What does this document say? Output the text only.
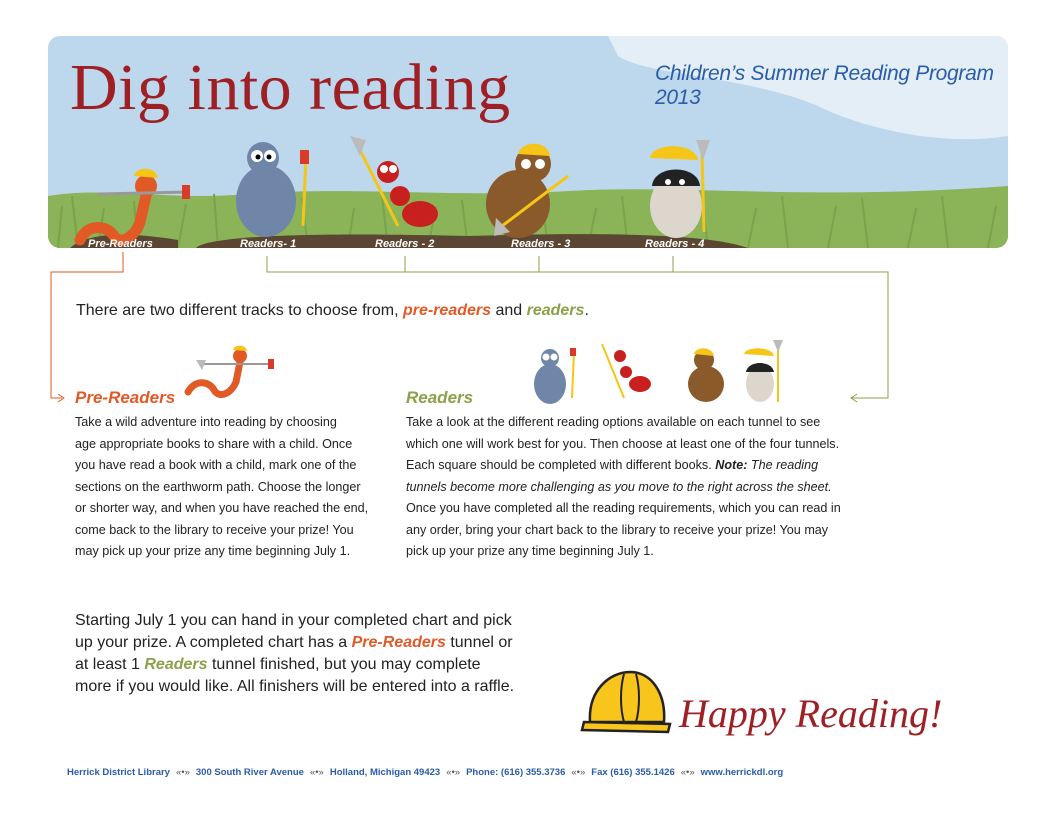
Dig into reading	Children’s Summer Reading Program 2013
Pre-Readers	Readers- 1	Readers - 2	Readers - 3	Readers - 4
There are two different tracks to choose from, pre-readers and readers.
Pre-Readers

Take a wild adventure into reading by choosing

age appropriate books to share with a child. Once

you have read a book with a child, mark one of the

sections on the earthworm path. Choose the longer

or shorter way, and when you have reached the end,

come back to the library to receive your prize! You

may pick up your prize any time beginning July 1.

Readers

Take a look at the different reading options available on each tunnel to see

which one will work best for you. Then choose at least one of the four tunnels.

Each square should be completed with different books. Note: The reading

tunnels become more challenging as you move to the right across the sheet.

Once you have completed all the reading requirements, which you can read in

any order, bring your chart back to the library to receive your prize! You may

pick up your prize any time beginning July 1.

Starting July 1 you can hand in your completed chart and pick up your prize. A completed chart has a Pre-Readers tunnel or at least 1 Readers tunnel finished, but you may complete more if you would like. All finishers will be entered into a raffle.
Happy Reading!
Herrick District Library «•» 300 South River Avenue «•» Holland, Michigan 49423 «•» Phone: (616) 355.3736 «•» Fax (616) 355.1426 «•» www.herrickdl.org
